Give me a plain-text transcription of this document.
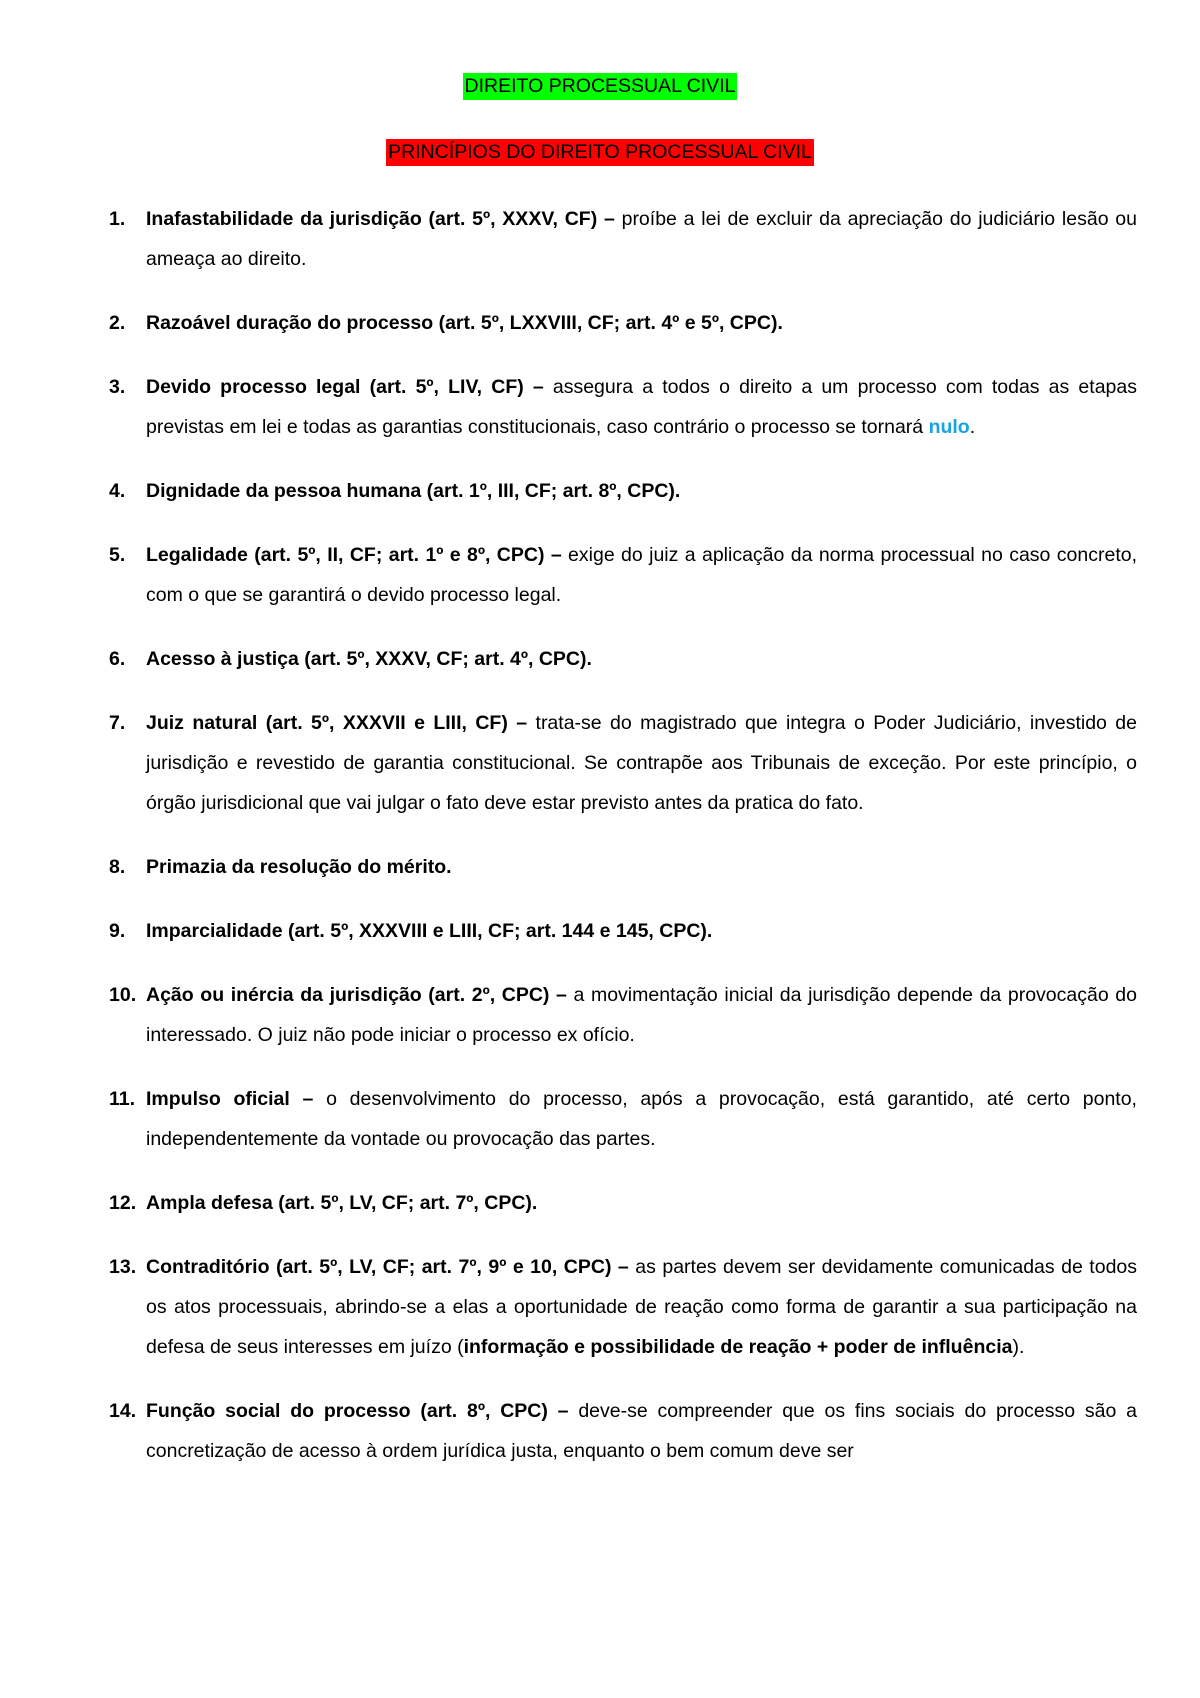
DIREITO PROCESSUAL CIVIL
PRINCÍPIOS DO DIREITO PROCESSUAL CIVIL
1. Inafastabilidade da jurisdição (art. 5º, XXXV, CF) – proíbe a lei de excluir da apreciação do judiciário lesão ou ameaça ao direito.
2. Razoável duração do processo (art. 5º, LXXVIII, CF; art. 4º e 5º, CPC).
3. Devido processo legal (art. 5º, LIV, CF) – assegura a todos o direito a um processo com todas as etapas previstas em lei e todas as garantias constitucionais, caso contrário o processo se tornará nulo.
4. Dignidade da pessoa humana (art. 1º, III, CF; art. 8º, CPC).
5. Legalidade (art. 5º, II, CF; art. 1º e 8º, CPC) – exige do juiz a aplicação da norma processual no caso concreto, com o que se garantirá o devido processo legal.
6. Acesso à justiça (art. 5º, XXXV, CF; art. 4º, CPC).
7. Juiz natural (art. 5º, XXXVII e LIII, CF) – trata-se do magistrado que integra o Poder Judiciário, investido de jurisdição e revestido de garantia constitucional. Se contrapõe aos Tribunais de exceção. Por este princípio, o órgão jurisdicional que vai julgar o fato deve estar previsto antes da pratica do fato.
8. Primazia da resolução do mérito.
9. Imparcialidade (art. 5º, XXXVIII e LIII, CF; art. 144 e 145, CPC).
10. Ação ou inércia da jurisdição (art. 2º, CPC) – a movimentação inicial da jurisdição depende da provocação do interessado. O juiz não pode iniciar o processo ex ofício.
11. Impulso oficial – o desenvolvimento do processo, após a provocação, está garantido, até certo ponto, independentemente da vontade ou provocação das partes.
12. Ampla defesa (art. 5º, LV, CF; art. 7º, CPC).
13. Contraditório (art. 5º, LV, CF; art. 7º, 9º e 10, CPC) – as partes devem ser devidamente comunicadas de todos os atos processuais, abrindo-se a elas a oportunidade de reação como forma de garantir a sua participação na defesa de seus interesses em juízo (informação e possibilidade de reação + poder de influência).
14. Função social do processo (art. 8º, CPC) – deve-se compreender que os fins sociais do processo são a concretização de acesso à ordem jurídica justa, enquanto o bem comum deve ser
